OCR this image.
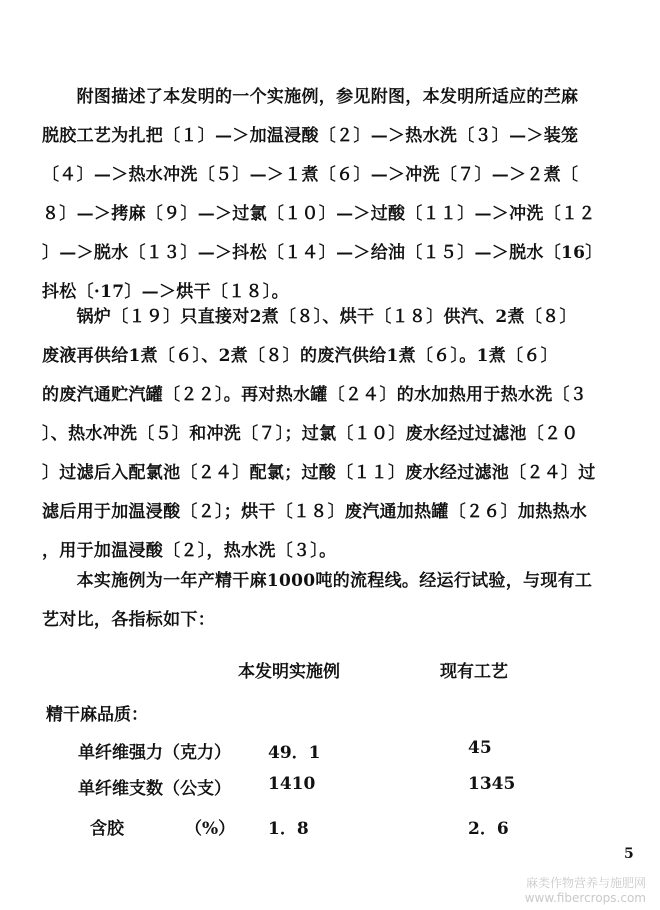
　　附图描述了本发明的一个实施例，参见附图，本发明所适应的苎麻
脱胶工艺为扎把〔１〕—＞加温浸酸〔２〕—＞热水洗〔３〕—＞装笼
〔４〕—＞热水冲洗〔５〕—＞１煮〔６〕—＞冲洗〔７〕—＞２煮〔
８〕—＞拷麻〔９〕—＞过氯〔１０〕—＞过酸〔１１〕—＞冲洗〔１２
〕—＞脱水〔１３〕—＞抖松〔１４〕—＞给油〔１５〕—＞脱水〔16〕
抖松〔·17〕—＞烘干〔１８〕。
　　锅炉〔１９〕只直接对2煮〔８〕、烘干〔１８〕供汽、2煮〔８〕
废液再供给1煮〔６〕、2煮〔８〕的废汽供给1煮〔６〕。1煮〔６〕
的废汽通贮汽罐〔２２〕。再对热水罐〔２４〕的水加热用于热水洗〔３
〕、热水冲洗〔５〕和冲洗〔７〕；过氯〔１０〕废水经过过滤池〔２０
〕过滤后入配氯池〔２４〕配氯；过酸〔１１〕废水经过滤池〔２４〕过
滤后用于加温浸酸〔２〕；烘干〔１８〕废汽通加热罐〔２６〕加热热水
，用于加温浸酸〔２〕，热水洗〔３〕。
　　本实施例为一年产精干麻1000吨的流程线。经运行试验，与现有工
艺对比，各指标如下：
本发明实施例	现有工艺
精干麻品质：
单纤维强力（克力） 49．1	45
单纤维支数（公支） 1410	1345
含胶	（%） 1．8	2．6
5
麻类作物营养与施肥网
www.fibercrops.com
